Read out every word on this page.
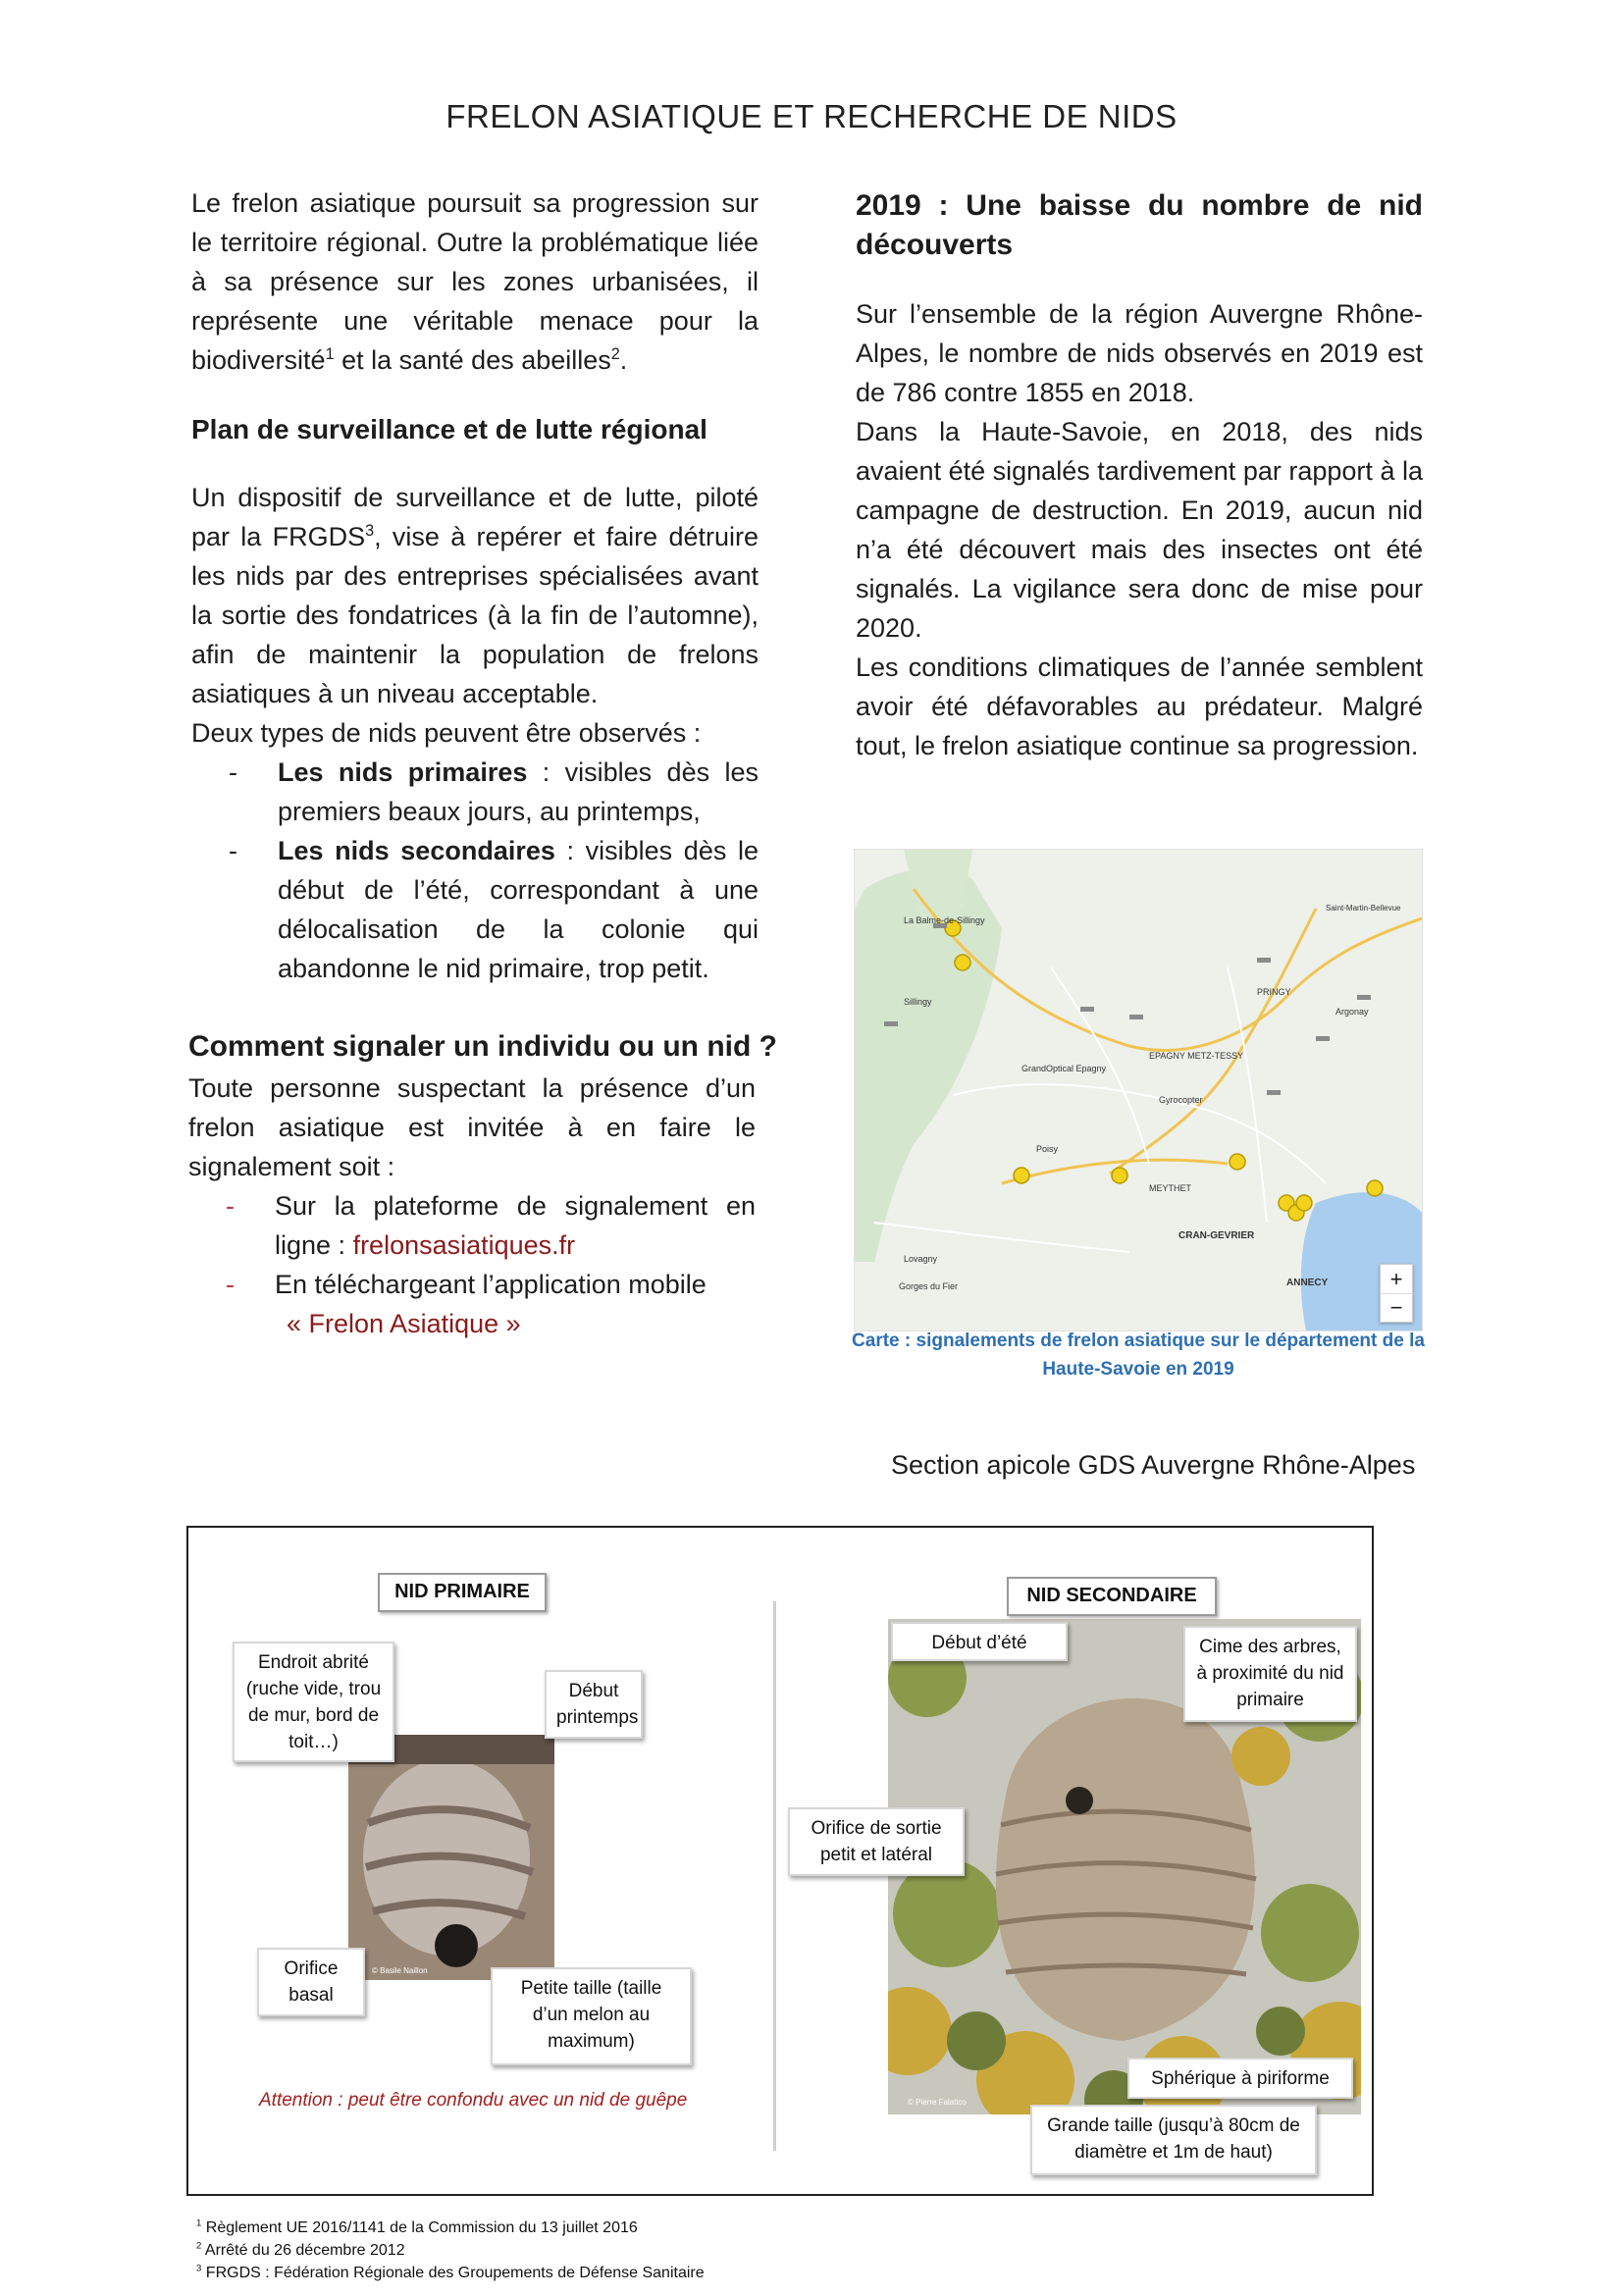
FRELON ASIATIQUE ET RECHERCHE DE NIDS

Le frelon asiatique poursuit sa progression sur le territoire régional. Outre la problématique liée à sa présence sur les zones urbanisées, il représente une véritable menace pour la biodiversité$^1$ et la santé des abeilles$^2$.

Plan de surveillance et de lutte régional

Un dispositif de surveillance et de lutte, piloté par la FRGDS$^3$, vise à repérer et faire détruire les nids par des entreprises spécialisées avant la sortie des fondatrices (à la fin de l’automne), afin de maintenir la population de frelons asiatiques à un niveau acceptable.

Deux types de nids peuvent être observés :

- Les nids primaires : visibles dès les premiers beaux jours, au printemps,
- Les nids secondaires : visibles dès le début de l’été, correspondant à une délocalisation de la colonie qui abandonne le nid primaire, trop petit.
Comment signaler un individu ou un nid ?

Toute personne suspectant la présence d’un frelon asiatique est invitée à en faire le signalement soit :

- Sur la plateforme de signalement en ligne : frelonsasiatiques.fr
- En téléchargeant l’application mobile
« Frelon Asiatique »
2019 : Une baisse du nombre de nid découverts

Sur l’ensemble de la région Auvergne Rhône-Alpes, le nombre de nids observés en 2019 est de 786 contre 1855 en 2018.

Dans la Haute-Savoie, en 2018, des nids avaient été signalés tardivement par rapport à la campagne de destruction. En 2019, aucun nid n’a été découvert mais des insectes ont été signalés. La vigilance sera donc de mise pour 2020.

Les conditions climatiques de l’année semblent avoir été défavorables au prédateur. Malgré tout, le frelon asiatique continue sa progression.

La Balme-de-Sillingy
Sillingy
PRINGY
Argonay
EPAGNY METZ-TESSY
GrandOptical Epagny
Gyrocopter
Poisy
MEYTHET
CRAN-GEVRIER
ANNECY
Lovagny
Gorges du Fier
Saint-Martin-Bellevue
+
−
Carte : signalements de frelon asiatique sur le département de la Haute-Savoie en 2019
Section apicole GDS Auvergne Rhône-Alpes
© Basile Naillon
© Pierre Falatico
NID PRIMAIRE	NID SECONDAIRE
Endroit abrité (ruche vide, trou de mur, bord de toit…)
Début printemps
Orifice basal	Petite taille (taille d’un melon au maximum)
Début d’été	Cime des arbres, à proximité du nid primaire
Orifice de sortie petit et latéral
Sphérique à piriforme
Grande taille (jusqu’à 80cm de diamètre et 1m de haut)
Attention : peut être confondu avec un nid de guêpe
$^1$ Règlement UE 2016/1141 de la Commission du 13 juillet 2016
$^2$ Arrêté du 26 décembre 2012
$^3$ FRGDS : Fédération Régionale des Groupements de Défense Sanitaire
